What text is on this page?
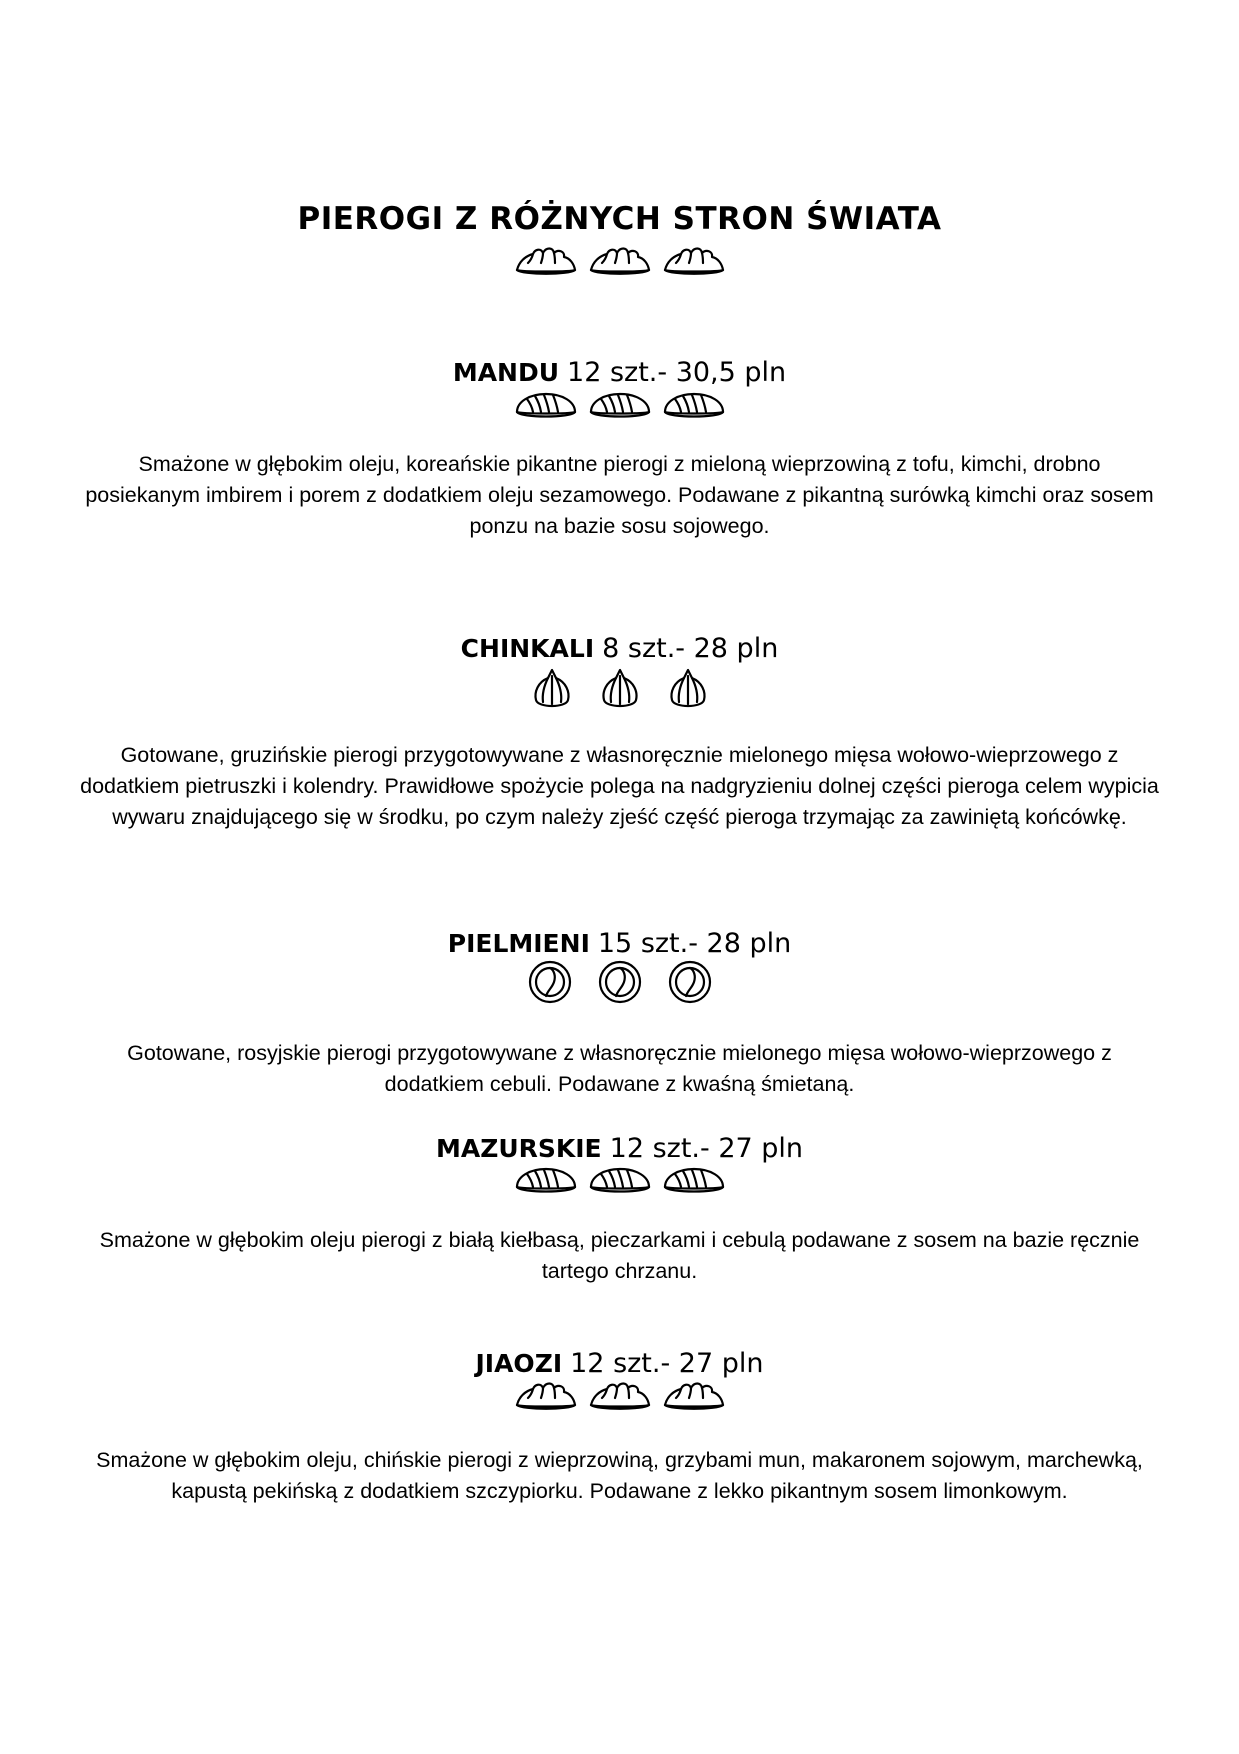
PIEROGI Z RÓŻNYCH STRON ŚWIATA
MANDU 12 szt.- 30,5 pln
Smażone w głębokim oleju, koreańskie pikantne pierogi z mieloną wieprzowiną z tofu, kimchi, drobno posiekanym imbirem i porem z dodatkiem oleju sezamowego. Podawane z pikantną surówką kimchi oraz sosem ponzu na bazie sosu sojowego.
CHINKALI 8 szt.- 28 pln
Gotowane, gruzińskie pierogi przygotowywane z własnoręcznie mielonego mięsa wołowo-wieprzowego z dodatkiem pietruszki i kolendry. Prawidłowe spożycie polega na nadgryzieniu dolnej części pieroga celem wypicia wywaru znajdującego się w środku, po czym należy zjeść część pieroga trzymając za zawiniętą końcówkę.
PIELMIENI 15 szt.- 28 pln
Gotowane, rosyjskie pierogi przygotowywane z własnoręcznie mielonego mięsa wołowo-wieprzowego z dodatkiem cebuli. Podawane z kwaśną śmietaną.
MAZURSKIE 12 szt.- 27 pln
Smażone w głębokim oleju pierogi z białą kiełbasą, pieczarkami i cebulą podawane z sosem na bazie ręcznie tartego chrzanu.
JIAOZI 12 szt.- 27 pln
Smażone w głębokim oleju, chińskie pierogi z wieprzowiną, grzybami mun, makaronem sojowym, marchewką, kapustą pekińską z dodatkiem szczypiorku. Podawane z lekko pikantnym sosem limonkowym.
